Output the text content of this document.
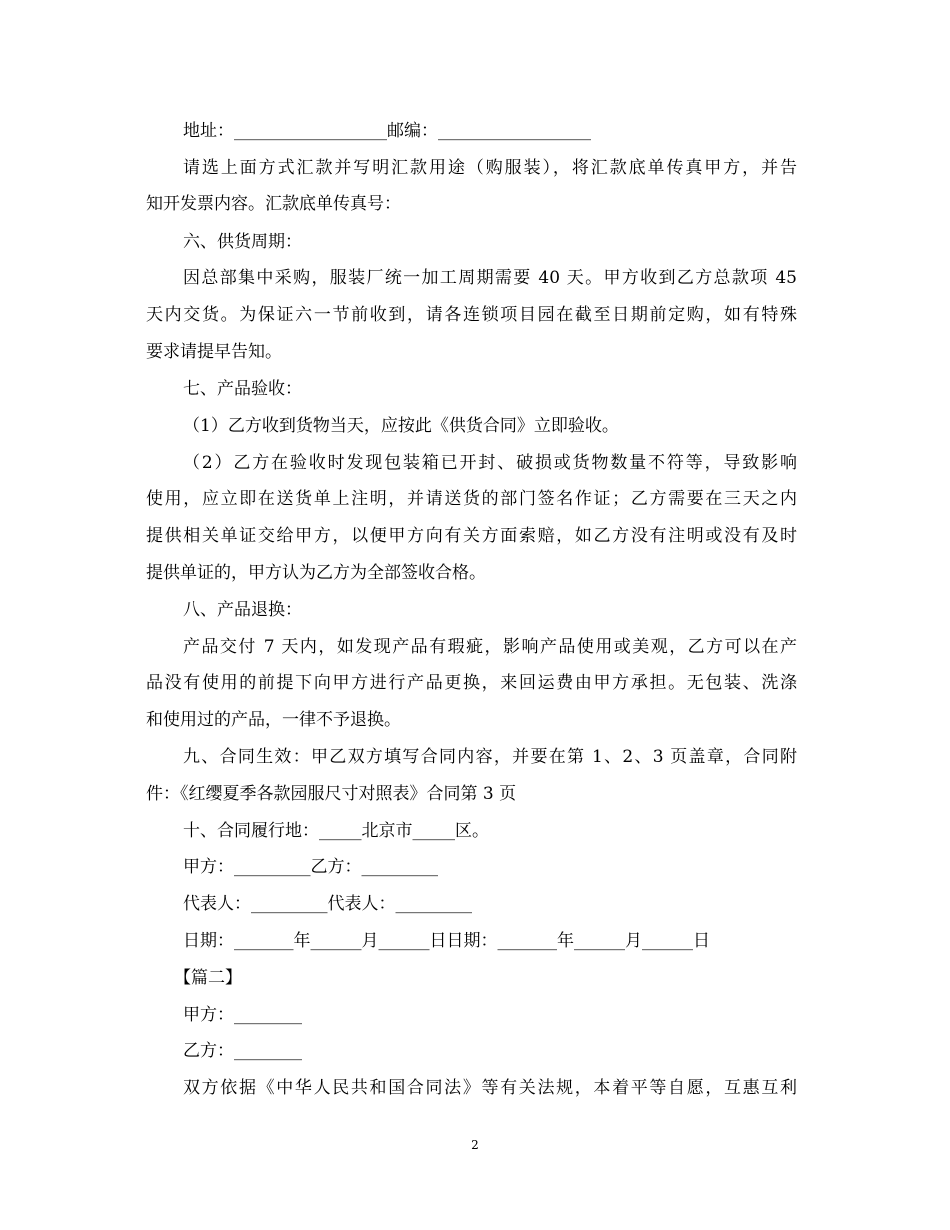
地址：__________________邮编：__________________
请选上面方式汇款并写明汇款用途（购服装），将汇款底单传真甲方，并告
知开发票内容。汇款底单传真号：
六、供货周期：
因总部集中采购，服装厂统一加工周期需要 40 天。甲方收到乙方总款项 45
天内交货。为保证六一节前收到，请各连锁项目园在截至日期前定购，如有特殊
要求请提早告知。
七、产品验收：
（1）乙方收到货物当天，应按此《供货合同》立即验收。
（2）乙方在验收时发现包装箱已开封、破损或货物数量不符等，导致影响
使用，应立即在送货单上注明，并请送货的部门签名作证；乙方需要在三天之内
提供相关单证交给甲方，以便甲方向有关方面索赔，如乙方没有注明或没有及时
提供单证的，甲方认为乙方为全部签收合格。
八、产品退换：
产品交付 7 天内，如发现产品有瑕疵，影响产品使用或美观，乙方可以在产
品没有使用的前提下向甲方进行产品更换，来回运费由甲方承担。无包装、洗涤
和使用过的产品，一律不予退换。
九、合同生效：甲乙双方填写合同内容，并要在第 1、2、3 页盖章，合同附
件：《红缨夏季各款园服尺寸对照表》合同第 3 页
十、合同履行地：_____北京市_____区。
甲方：_________乙方：_________
代表人：_________代表人：_________
日期：_______年______月______日日期：_______年______月______日
【篇二】
甲方：________
乙方：________
双方依据《中华人民共和国合同法》等有关法规，本着平等自愿，互惠互利
2
